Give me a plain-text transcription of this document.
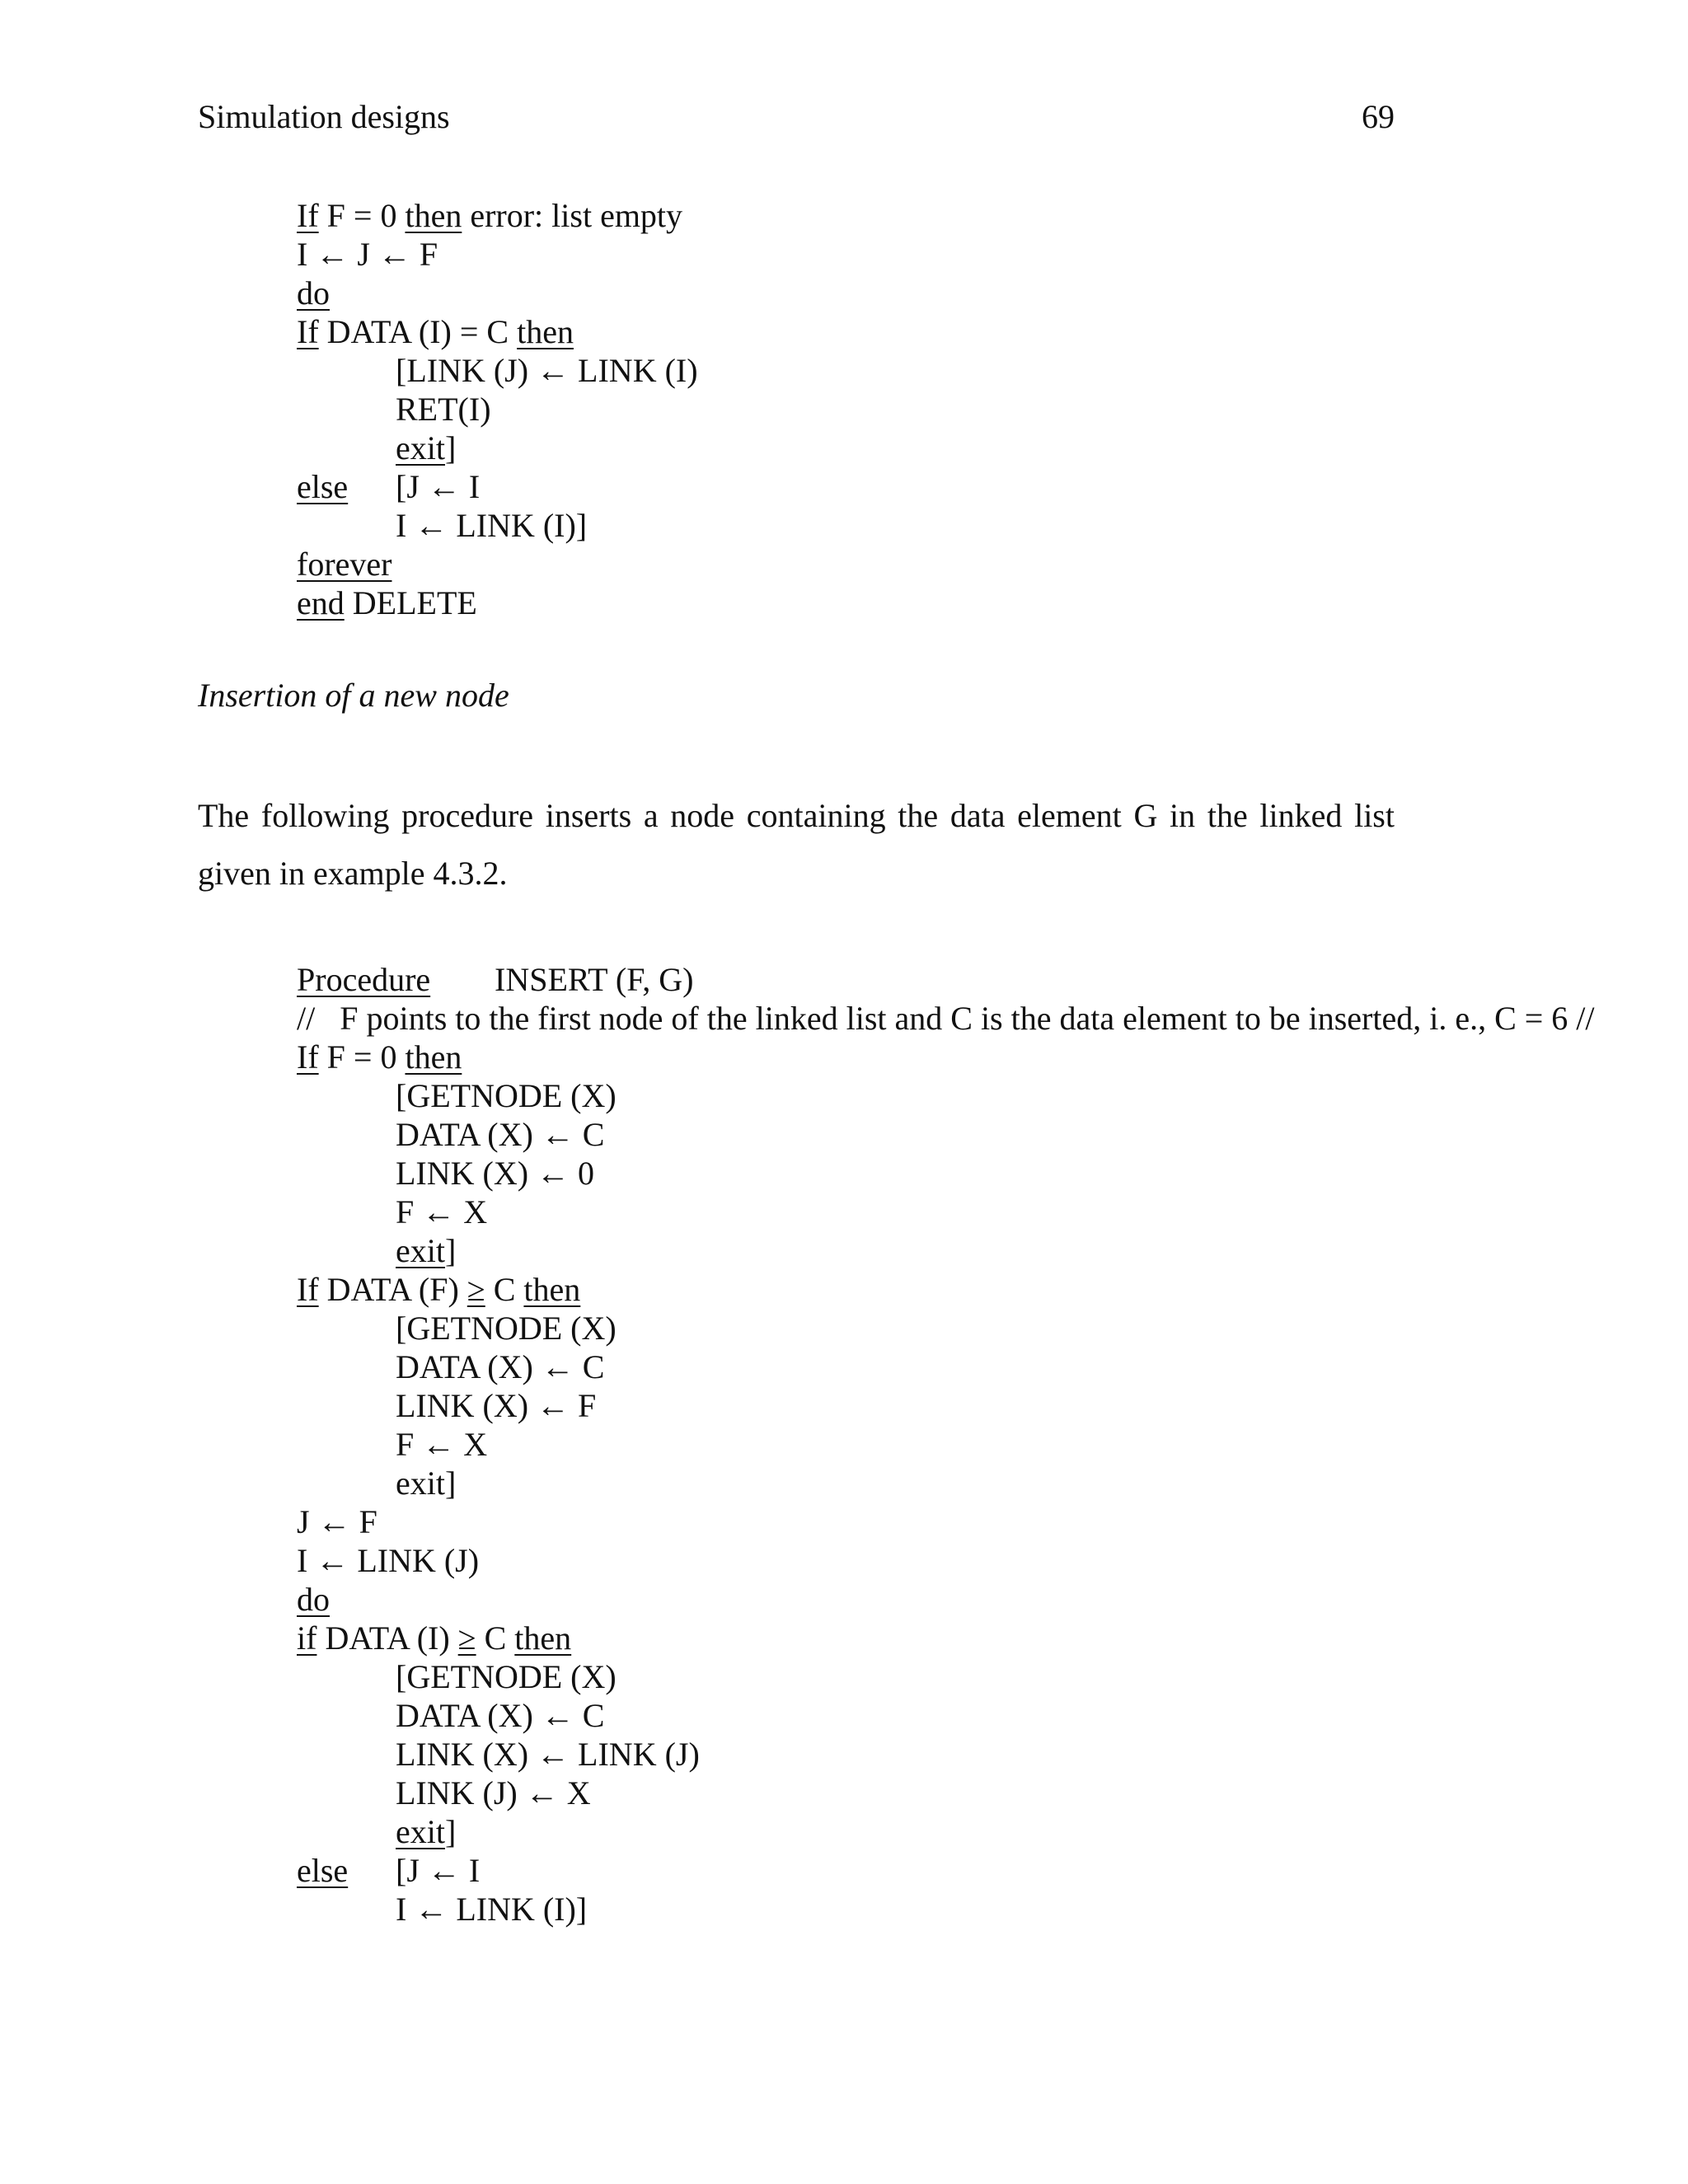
Simulation designs	69
If F = 0 then error: list empty
I ← J ← F
do
If DATA (I) = C then
[LINK (J) ← LINK (I)
RET(I)
exit]
else [J ← I
I ← LINK (I)]
forever
end DELETE
Insertion of a new node
The following procedure inserts a node containing the data element G in the linked list given in example 4.3.2.
Procedure INSERT (F, G)
//   F points to the first node of the linked list and C is the data element to be inserted, i. e., C = 6 //
If F = 0 then
[GETNODE (X)
DATA (X) ← C
LINK (X) ← 0
F ← X
exit]
If DATA (F) ≥ C then
[GETNODE (X)
DATA (X) ← C
LINK (X) ← F
F ← X
exit]
J ← F
I ← LINK (J)
do
if DATA (I) ≥ C then
[GETNODE (X)
DATA (X) ← C
LINK (X) ← LINK (J)
LINK (J) ← X
exit]
else [J ← I
I ← LINK (I)]
